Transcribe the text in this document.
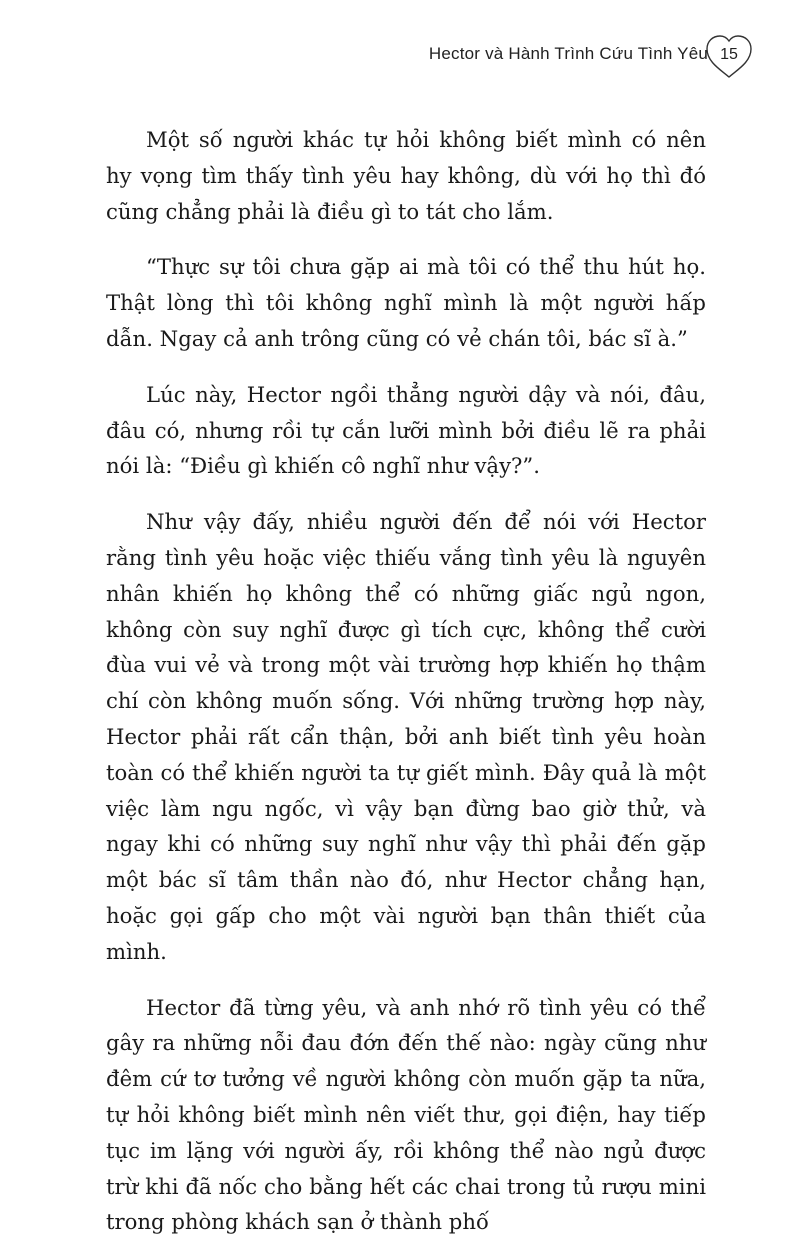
Hector và Hành Trình Cứu Tình Yêu 15

Một số người khác tự hỏi không biết mình có nên hy vọng tìm thấy tình yêu hay không, dù với họ thì đó cũng chẳng phải là điều gì to tát cho lắm.

“Thực sự tôi chưa gặp ai mà tôi có thể thu hút họ. Thật lòng thì tôi không nghĩ mình là một người hấp dẫn. Ngay cả anh trông cũng có vẻ chán tôi, bác sĩ à.”

Lúc này, Hector ngồi thẳng người dậy và nói, đâu, đâu có, nhưng rồi tự cắn lưỡi mình bởi điều lẽ ra phải nói là: “Điều gì khiến cô nghĩ như vậy?”.

Như vậy đấy, nhiều người đến để nói với Hector rằng tình yêu hoặc việc thiếu vắng tình yêu là nguyên nhân khiến họ không thể có những giấc ngủ ngon, không còn suy nghĩ được gì tích cực, không thể cười đùa vui vẻ và trong một vài trường hợp khiến họ thậm chí còn không muốn sống. Với những trường hợp này, Hector phải rất cẩn thận, bởi anh biết tình yêu hoàn toàn có thể khiến người ta tự giết mình. Đây quả là một việc làm ngu ngốc, vì vậy bạn đừng bao giờ thử, và ngay khi có những suy nghĩ như vậy thì phải đến gặp một bác sĩ tâm thần nào đó, như Hector chẳng hạn, hoặc gọi gấp cho một vài người bạn thân thiết của mình.

Hector đã từng yêu, và anh nhớ rõ tình yêu có thể gây ra những nỗi đau đớn đến thế nào: ngày cũng như đêm cứ tơ tưởng về người không còn muốn gặp ta nữa, tự hỏi không biết mình nên viết thư, gọi điện, hay tiếp tục im lặng với người ấy, rồi không thể nào ngủ được trừ khi đã nốc cho bằng hết các chai trong tủ rượu mini trong phòng khách sạn ở thành phố
